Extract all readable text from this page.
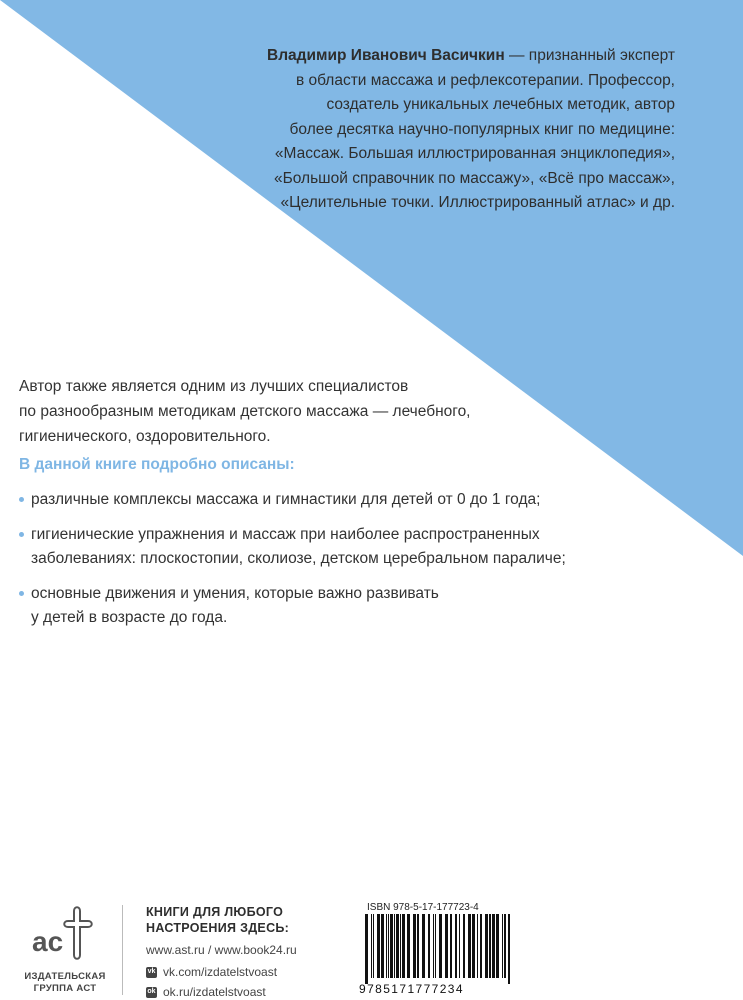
Владимир Иванович Васичкин — признанный эксперт
в области массажа и рефлексотерапии. Профессор,
создатель уникальных лечебных методик, автор
более десятка научно-популярных книг по медицине:
«Массаж. Большая иллюстрированная энциклопедия»,
«Большой справочник по массажу», «Всё про массаж»,
«Целительные точки. Иллюстрированный атлас» и др.
Автор также является одним из лучших специалистов
по разнообразным методикам детского массажа — лечебного,
гигиенического, оздоровительного.
В данной книге подробно описаны:
различные комплексы массажа и гимнастики для детей от 0 до 1 года;
гигиенические упражнения и массаж при наиболее распространенных
заболеваниях: плоскостопии, сколиозе, детском церебральном параличе;
основные движения и умения, которые важно развивать
у детей в возрасте до года.
ac
ИЗДАТЕЛЬСКАЯ
ГРУППА АСТ
КНИГИ ДЛЯ ЛЮБОГО
НАСТРОЕНИЯ ЗДЕСЬ:
www.ast.ru / www.book24.ru
vk vk.com/izdatelstvoast
ok ok.ru/izdatelstvoast
ISBN 978-5-17-177723-4
9785171777234
